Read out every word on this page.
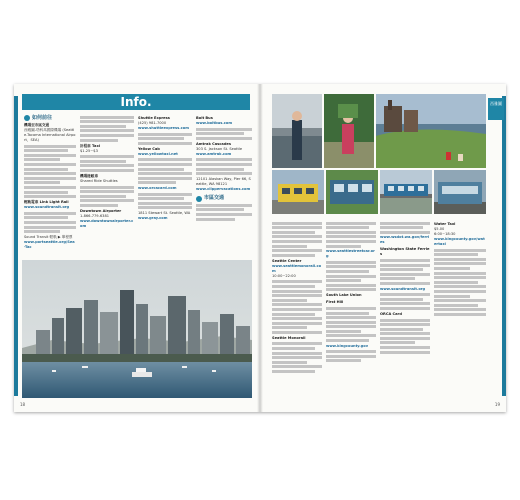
Info.
如何前往
機場至市區交通
西雅圖-塔科馬國際機場 (Seattle-Tacoma International Airport，SEA)
輕軌電車 Link Light Rail
www.soundtransit.org
Sound Transit 輕軌 ▶ 單程票
www.portseattle.org/Sea-Tac
計程車 Taxi
$1.25~$3
機場接駁車
Shared Ride Shuttles
Downtown Airporter
1-866-779-6381
www.downtownairporter.com
Shuttle Express
(425) 981-7000
www.shuttleexpress.com
Yellow Cab
www.yellowtaxi.net
www.orcacard.com
1811 Stewart St. Seattle, WA
www.gray.com
Bolt Bus
www.boltbus.com
Amtrak Cascades
303 S. Jackson St. Seattle
www.amtrak.com
12101 Alaskan Way, Pier 66, Seattle, WA 98121
www.clippervacations.com
市區交通
18
西雅圖
Seattle Center
www.seattlemonorail.com
10:00~22:00
Seattle Monorail
www.seattlestreetcar.org
South Lake Union
First Hill
www.kingcounty.gov
www.wsdot.wa.gov/ferries
Washington State Ferries
www.soundtransit.org
ORCA Card
Water Taxi
$5.00
6:00~18:30
www.kingcounty.gov/watertaxi
19
